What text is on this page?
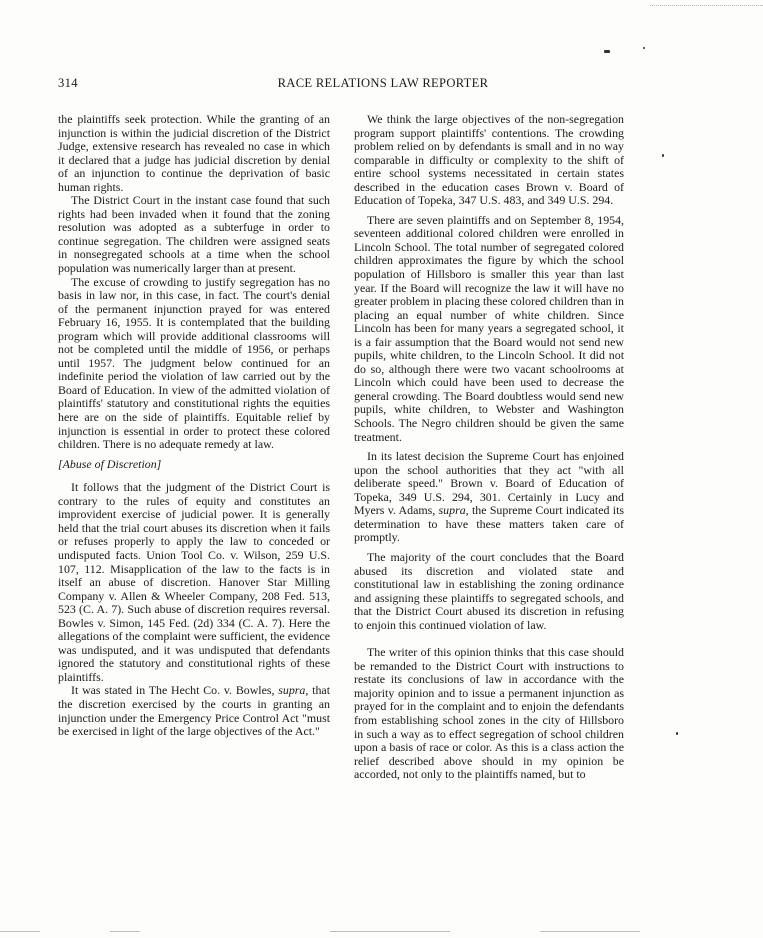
314	RACE RELATIONS LAW REPORTER

the plaintiffs seek protection. While the granting of an injunction is within the judicial discretion of the District Judge, extensive research has revealed no case in which it declared that a judge has judicial discretion by denial of an injunction to continue the deprivation of basic human rights.

The District Court in the instant case found that such rights had been invaded when it found that the zoning resolution was adopted as a subterfuge in order to continue segregation. The children were assigned seats in nonsegregated schools at a time when the school population was numerically larger than at present.

The excuse of crowding to justify segregation has no basis in law nor, in this case, in fact. The court's denial of the permanent injunction prayed for was entered February 16, 1955. It is contemplated that the building program which will provide additional classrooms will not be completed until the middle of 1956, or perhaps until 1957. The judgment below continued for an indefinite period the violation of law carried out by the Board of Education. In view of the admitted violation of plaintiffs' statutory and constitutional rights the equities here are on the side of plaintiffs. Equitable relief by injunction is essential in order to protect these colored children. There is no adequate remedy at law.

[Abuse of Discretion]

It follows that the judgment of the District Court is contrary to the rules of equity and constitutes an improvident exercise of judicial power. It is generally held that the trial court abuses its discretion when it fails or refuses properly to apply the law to conceded or undisputed facts. Union Tool Co. v. Wilson, 259 U.S. 107, 112. Misapplication of the law to the facts is in itself an abuse of discretion. Hanover Star Milling Company v. Allen & Wheeler Company, 208 Fed. 513, 523 (C. A. 7). Such abuse of discretion requires reversal. Bowles v. Simon, 145 Fed. (2d) 334 (C. A. 7). Here the allegations of the complaint were sufficient, the evidence was undisputed, and it was undisputed that defendants ignored the statutory and constitutional rights of these plaintiffs.

It was stated in The Hecht Co. v. Bowles, supra, that the discretion exercised by the courts in granting an injunction under the Emergency Price Control Act "must be exercised in light of the large objectives of the Act."

We think the large objectives of the non-segregation program support plaintiffs' contentions. The crowding problem relied on by defendants is small and in no way comparable in difficulty or complexity to the shift of entire school systems necessitated in certain states described in the education cases Brown v. Board of Education of Topeka, 347 U.S. 483, and 349 U.S. 294.

There are seven plaintiffs and on September 8, 1954, seventeen additional colored children were enrolled in Lincoln School. The total number of segregated colored children approximates the figure by which the school population of Hillsboro is smaller this year than last year. If the Board will recognize the law it will have no greater problem in placing these colored children than in placing an equal number of white children. Since Lincoln has been for many years a segregated school, it is a fair assumption that the Board would not send new pupils, white children, to the Lincoln School. It did not do so, although there were two vacant schoolrooms at Lincoln which could have been used to decrease the general crowding. The Board doubtless would send new pupils, white children, to Webster and Washington Schools. The Negro children should be given the same treatment.

In its latest decision the Supreme Court has enjoined upon the school authorities that they act "with all deliberate speed." Brown v. Board of Education of Topeka, 349 U.S. 294, 301. Certainly in Lucy and Myers v. Adams, supra, the Supreme Court indicated its determination to have these matters taken care of promptly.

The majority of the court concludes that the Board abused its discretion and violated state and constitutional law in establishing the zoning ordinance and assigning these plaintiffs to segregated schools, and that the District Court abused its discretion in refusing to enjoin this continued violation of law.

The writer of this opinion thinks that this case should be remanded to the District Court with instructions to restate its conclusions of law in accordance with the majority opinion and to issue a permanent injunction as prayed for in the complaint and to enjoin the defendants from establishing school zones in the city of Hillsboro in such a way as to effect segregation of school children upon a basis of race or color. As this is a class action the relief described above should in my opinion be accorded, not only to the plaintiffs named, but to
